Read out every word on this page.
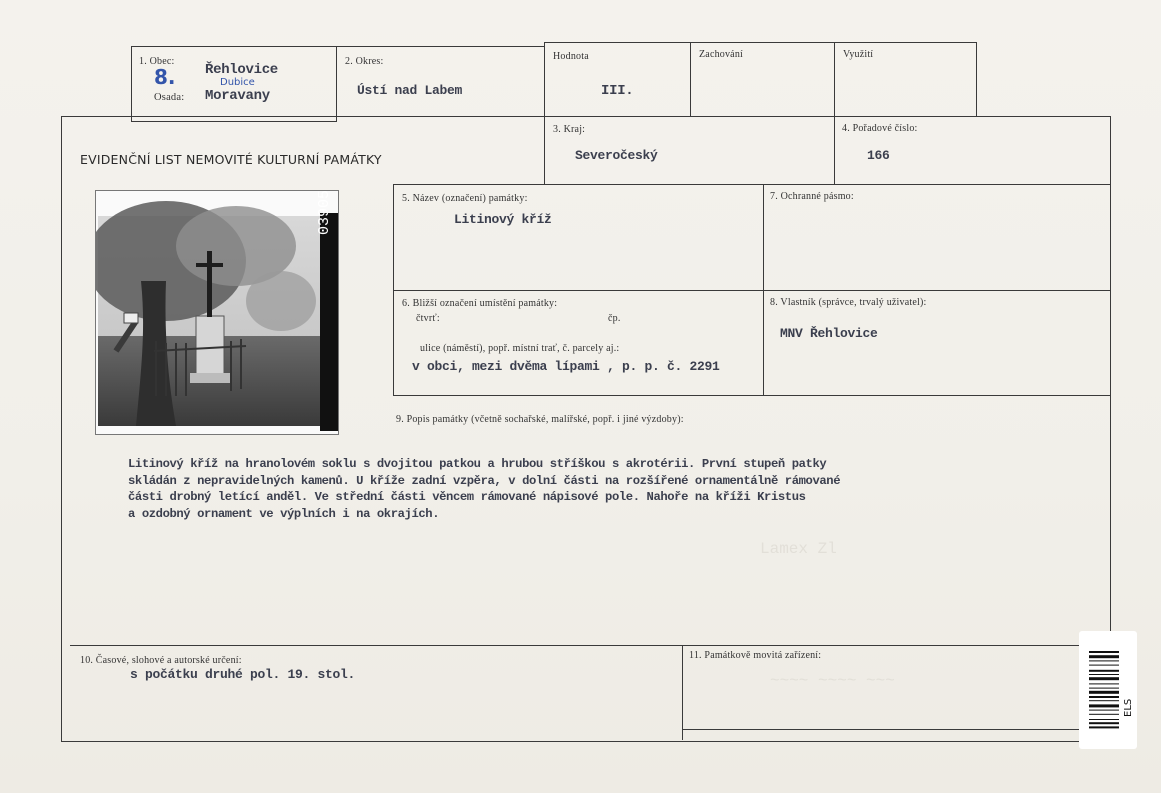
Lamex Zl
~~~~ ~~~~ ~~~
1. Obec:
8. Řehlovice
Dubice
Osada: Moravany
2. Okres:
Ústí nad Labem
Hodnota
III.
Zachování	Využití
EVIDENČNÍ LIST NEMOVITÉ KULTURNÍ PAMÁTKY
3. Kraj:
Severočeský
4. Pořadové číslo:
166
03905	5. Název (označení) památky:
Litinový kříž
7. Ochranné pásmo:
6. Bližší označení umístění památky:
čtvrť:	čp.
ulice (náměstí), popř. místní trať, č. parcely aj.:
v obci, mezi dvěma lípami , p. p. č. 2291
8. Vlastník (správce, trvalý uživatel):
MNV Řehlovice
9. Popis památky (včetně sochařské, malířské, popř. i jiné výzdoby):
Litinový kříž na hranolovém soklu s dvojitou patkou a hrubou stříškou s akrotérii. První stupeň patky
skládán z nepravidelných kamenů. U kříže zadní vzpěra, v dolní části na rozšířené ornamentálně rámované
části drobný letící anděl. Ve střední části věncem rámované nápisové pole. Nahoře na kříži Kristus
a ozdobný ornament ve výplních i na okrajích.
10. Časové, slohové a autorské určení:
s počátku druhé pol. 19. stol.
11. Památkově movitá zařízení:
ELS
